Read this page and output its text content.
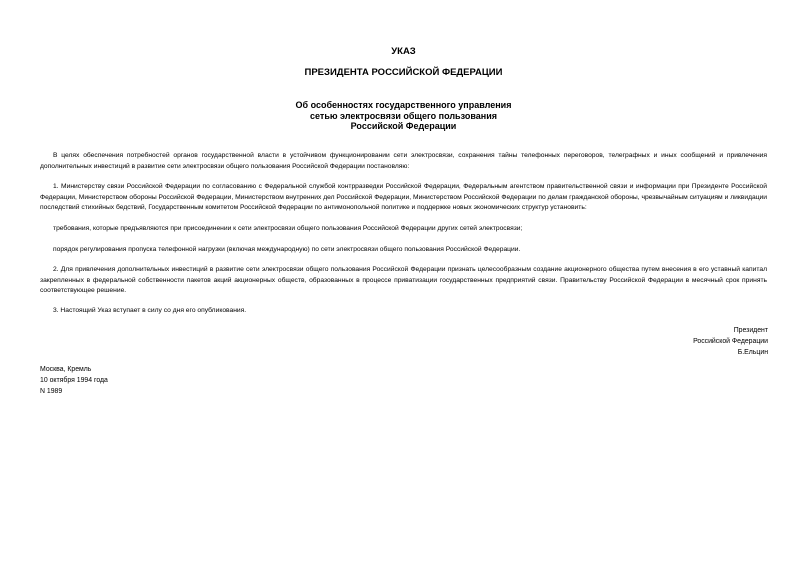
УКАЗ
ПРЕЗИДЕНТА РОССИЙСКОЙ ФЕДЕРАЦИИ
Об особенностях государственного управления
сетью электросвязи общего пользования
Российской Федерации

В целях обеспечения потребностей органов государственной власти в устойчивом функционировании сети электросвязи, сохранения тайны телефонных переговоров, телеграфных и иных сообщений и привлечения дополнительных инвестиций в развитие сети электросвязи общего пользования Российской Федерации постановляю:

1. Министерству связи Российской Федерации по согласованию с Федеральной службой контрразведки Российской Федерации, Федеральным агентством правительственной связи и информации при Президенте Российской Федерации, Министерством обороны Российской Федерации, Министерством внутренних дел Российской Федерации, Министерством Российской Федерации по делам гражданской обороны, чрезвычайным ситуациям и ликвидации последствий стихийных бедствий, Государственным комитетом Российской Федерации по антимонопольной политике и поддержке новых экономических структур установить:

требования, которые предъявляются при присоединении к сети электросвязи общего пользования Российской Федерации других сетей электросвязи;

порядок регулирования пропуска телефонной нагрузки (включая международную) по сети электросвязи общего пользования Российской Федерации.

2. Для привлечения дополнительных инвестиций в развитие сети электросвязи общего пользования Российской Федерации признать целесообразным создание акционерного общества путем внесения в его уставный капитал закрепленных в федеральной собственности пакетов акций акционерных обществ, образованных в процессе приватизации государственных предприятий связи. Правительству Российской Федерации в месячный срок принять соответствующее решение.

3. Настоящий Указ вступает в силу со дня его опубликования.

Президент
Российской Федерации
Б.Ельцин
Москва, Кремль
10 октября 1994 года
N 1989
